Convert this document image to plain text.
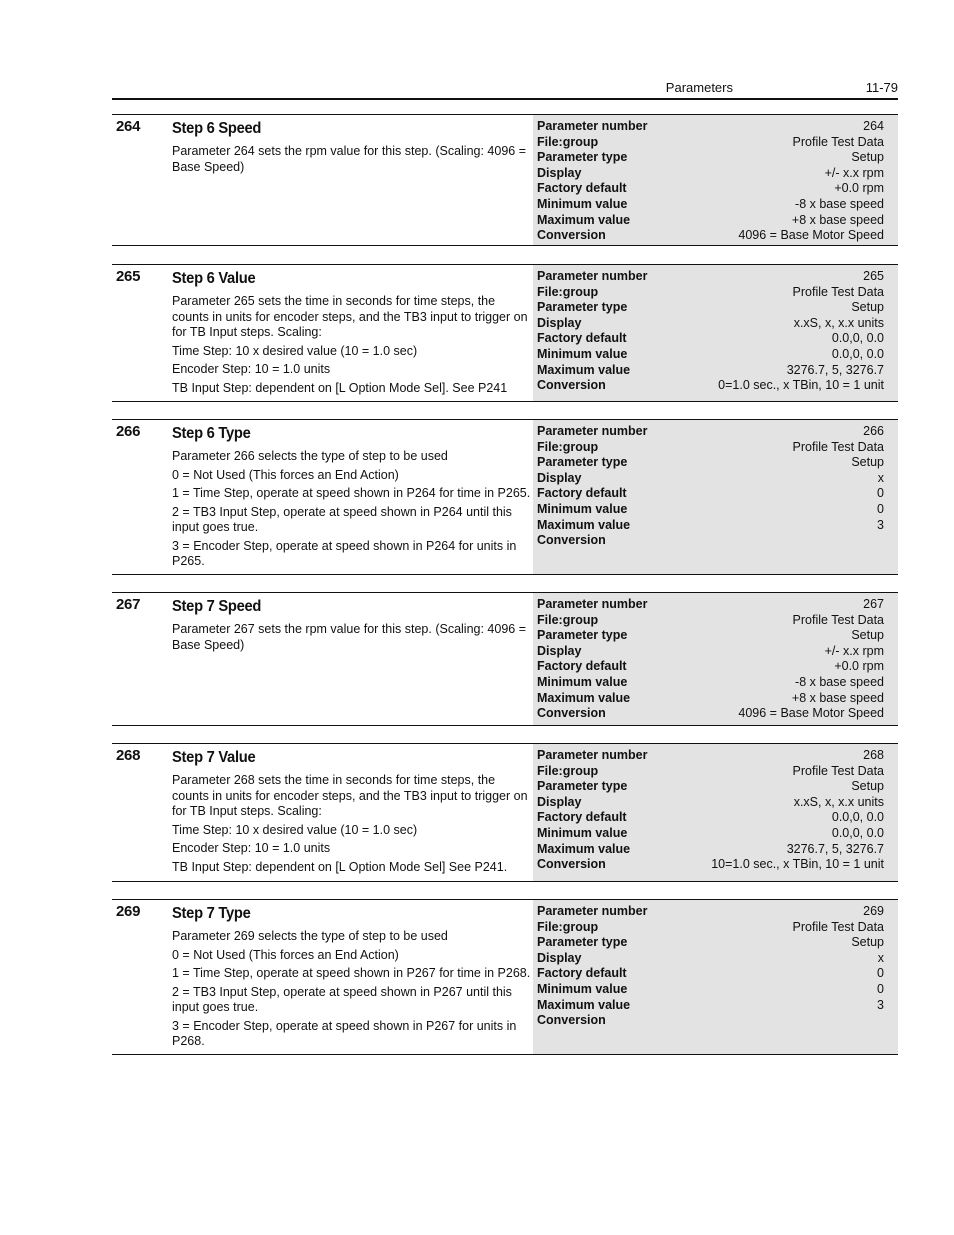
Parameters	11-79
264 Step 6 Speed
Parameter 264 sets the rpm value for this step. (Scaling: 4096 = Base Speed)
Parameter number	264
File:group	Profile Test Data
Parameter type	Setup
Display	+/- x.x rpm
Factory default	+0.0 rpm
Minimum value	-8 x base speed
Maximum value	+8 x base speed
Conversion	4096 = Base Motor Speed
265 Step 6 Value
Parameter 265 sets the time in seconds for time steps, the counts in units for encoder steps, and the TB3 input to trigger on for TB Input steps. Scaling:
Time Step: 10 x desired value (10 = 1.0 sec)
Encoder Step: 10 = 1.0 units
TB Input Step: dependent on [L Option Mode Sel]. See P241
Parameter number	265
File:group	Profile Test Data
Parameter type	Setup
Display	x.xS, x, x.x units
Factory default	0.0,0, 0.0
Minimum value	0.0,0, 0.0
Maximum value	3276.7, 5, 3276.7
Conversion	0=1.0 sec., x TBin, 10 = 1 unit
266 Step 6 Type
Parameter 266 selects the type of step to be used
0 = Not Used (This forces an End Action)
1 = Time Step, operate at speed shown in P264 for time in P265.
2 = TB3 Input Step, operate at speed shown in P264 until this input goes true.
3 = Encoder Step, operate at speed shown in P264 for units in P265.
Parameter number	266
File:group	Profile Test Data
Parameter type	Setup
Display	x
Factory default	0
Minimum value	0
Maximum value	3
Conversion
267 Step 7 Speed
Parameter 267 sets the rpm value for this step. (Scaling: 4096 = Base Speed)
Parameter number	267
File:group	Profile Test Data
Parameter type	Setup
Display	+/- x.x rpm
Factory default	+0.0 rpm
Minimum value	-8 x base speed
Maximum value	+8 x base speed
Conversion	4096 = Base Motor Speed
268 Step 7 Value
Parameter 268 sets the time in seconds for time steps, the counts in units for encoder steps, and the TB3 input to trigger on for TB Input steps. Scaling:
Time Step: 10 x desired value (10 = 1.0 sec)
Encoder Step: 10 = 1.0 units
TB Input Step: dependent on [L Option Mode Sel] See P241.
Parameter number	268
File:group	Profile Test Data
Parameter type	Setup
Display	x.xS, x, x.x units
Factory default	0.0,0, 0.0
Minimum value	0.0,0, 0.0
Maximum value	3276.7, 5, 3276.7
Conversion	10=1.0 sec., x TBin, 10 = 1 unit
269 Step 7 Type
Parameter 269 selects the type of step to be used
0 = Not Used (This forces an End Action)
1 = Time Step, operate at speed shown in P267 for time in P268.
2 = TB3 Input Step, operate at speed shown in P267 until this input goes true.
3 = Encoder Step, operate at speed shown in P267 for units in P268.
Parameter number	269
File:group	Profile Test Data
Parameter type	Setup
Display	x
Factory default	0
Minimum value	0
Maximum value	3
Conversion
